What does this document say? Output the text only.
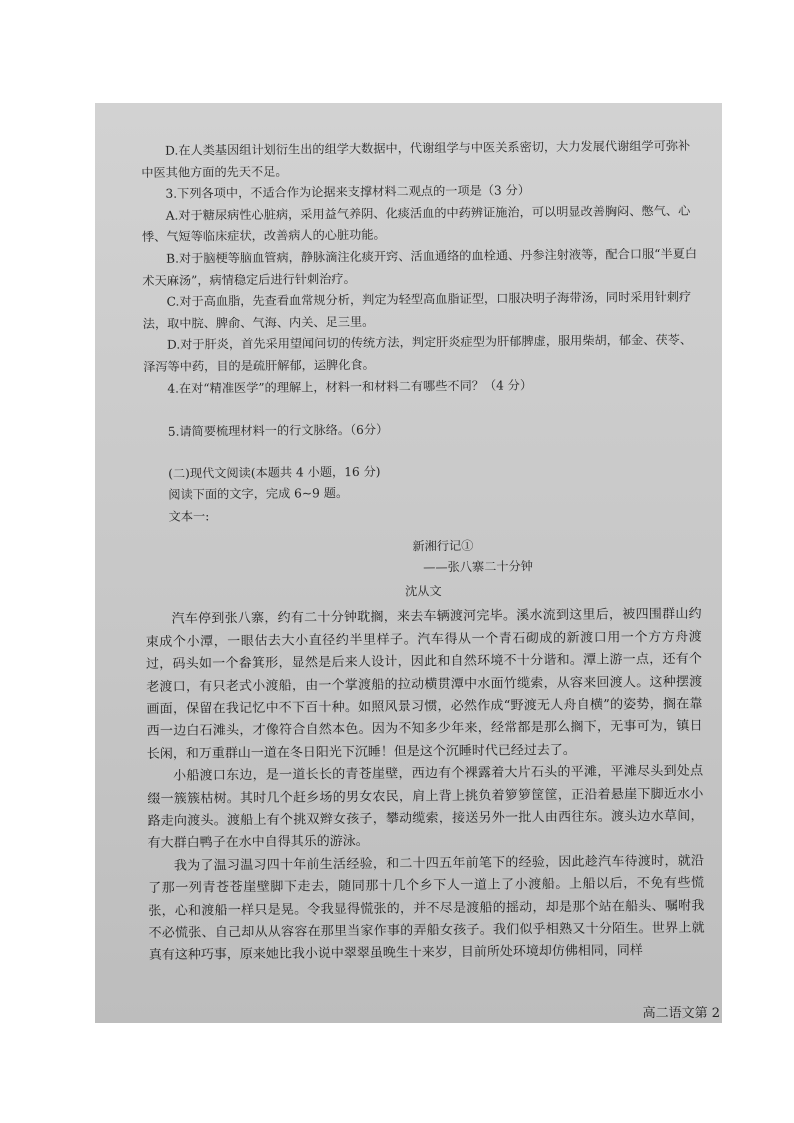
D.在人类基因组计划衍生出的组学大数据中，代谢组学与中医关系密切，大力发展代谢组学可弥补中医其他方面的先天不足。

3.下列各项中，不适合作为论据来支撑材料二观点的一项是（3 分）

A.对于糖尿病性心脏病，采用益气养阴、化痰活血的中药辨证施治，可以明显改善胸闷、憋气、心悸、气短等临床症状，改善病人的心脏功能。

B.对于脑梗等脑血管病，静脉滴注化痰开窍、活血通络的血栓通、丹参注射液等，配合口服“半夏白术天麻汤”，病情稳定后进行针刺治疗。

C.对于高血脂，先查看血常规分析，判定为轻型高血脂证型，口服决明子海带汤，同时采用针刺疗法，取中脘、脾俞、气海、内关、足三里。

D.对于肝炎，首先采用望闻问切的传统方法，判定肝炎症型为肝郁脾虚，服用柴胡，郁金、茯苓、泽泻等中药，目的是疏肝解郁，运脾化食。

4.在对“精准医学”的理解上，材料一和材料二有哪些不同？（4 分）

5.请简要梳理材料一的行文脉络。（6分）

(二)现代文阅读(本题共 4 小题，16 分)

阅读下面的文字，完成 6~9 题。

文本一:

新湘行记①

——张八寨二十分钟

沈从文

汽车停到张八寨，约有二十分钟耽搁，来去车辆渡河完毕。溪水流到这里后，被四围群山约束成个小潭，一眼估去大小直径约半里样子。汽车得从一个青石砌成的新渡口用一个方方舟渡过，码头如一个畚箕形，显然是后来人设计，因此和自然环境不十分谐和。潭上游一点，还有个老渡口，有只老式小渡船，由一个掌渡船的拉动横贯潭中水面竹缆索，从容来回渡人。这种摆渡画面，保留在我记忆中不下百十种。如照风景习惯，必然作成“野渡无人舟自横”的姿势，搁在靠西一边白石滩头，才像符合自然本色。因为不知多少年来，经常都是那么搁下，无事可为，镇日长闲，和万重群山一道在冬日阳光下沉睡！但是这个沉睡时代已经过去了。

小船渡口东边，是一道长长的青苍崖壁，西边有个裸露着大片石头的平滩，平滩尽头到处点缀一簇簇枯树。其时几个赶乡场的男女农民，肩上背上挑负着箩箩筐筐，正沿着悬崖下脚近水小路走向渡头。渡船上有个挑双辫女孩子，攀动缆索，接送另外一批人由西往东。渡头边水草间，有大群白鸭子在水中自得其乐的游泳。

我为了温习温习四十年前生活经验，和二十四五年前笔下的经验，因此趁汽车待渡时，就沿了那一列青苍苍崖壁脚下走去，随同那十几个乡下人一道上了小渡船。上船以后，不免有些慌张，心和渡船一样只是晃。令我显得慌张的，并不尽是渡船的摇动，却是那个站在船头、嘱咐我不必慌张、自己却从从容容在那里当家作事的弄船女孩子。我们似乎相熟又十分陌生。世界上就真有这种巧事，原来她比我小说中翠翠虽晚生十来岁，目前所处环境却仿佛相同，同样

高二语文第 2
